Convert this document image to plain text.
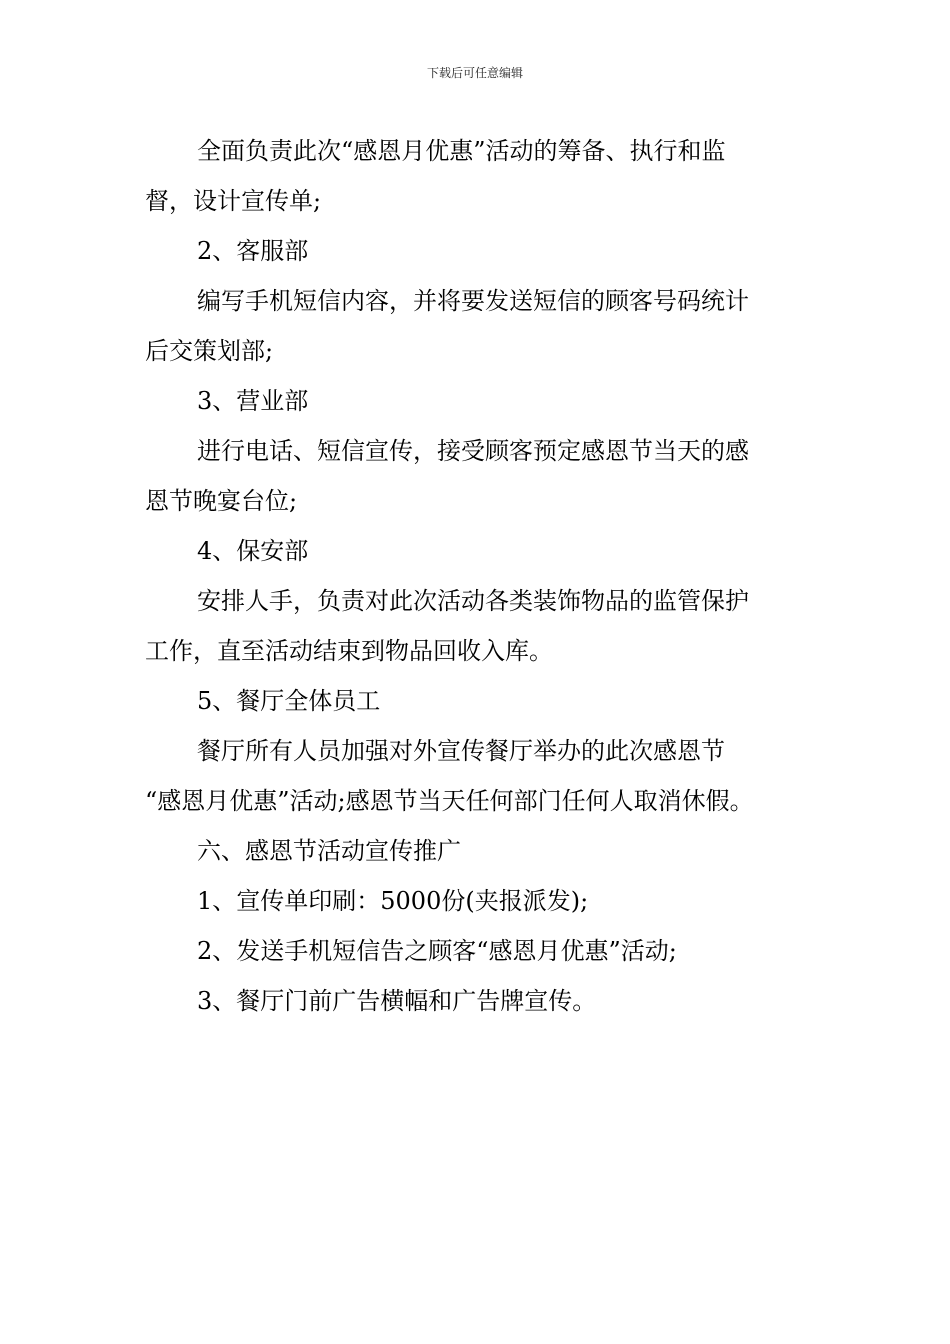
下载后可任意编辑
全面负责此次“感恩月优惠”活动的筹备、执行和监
督，设计宣传单;
2、客服部
编写手机短信内容，并将要发送短信的顾客号码统计
后交策划部;
3、营业部
进行电话、短信宣传，接受顾客预定感恩节当天的感
恩节晚宴台位;
4、保安部
安排人手，负责对此次活动各类装饰物品的监管保护
工作，直至活动结束到物品回收入库。
5、餐厅全体员工
餐厅所有人员加强对外宣传餐厅举办的此次感恩节
“感恩月优惠”活动;感恩节当天任何部门任何人取消休假。
六、感恩节活动宣传推广
1、宣传单印刷：5000份(夹报派发);
2、发送手机短信告之顾客“感恩月优惠”活动;
3、餐厅门前广告横幅和广告牌宣传。
